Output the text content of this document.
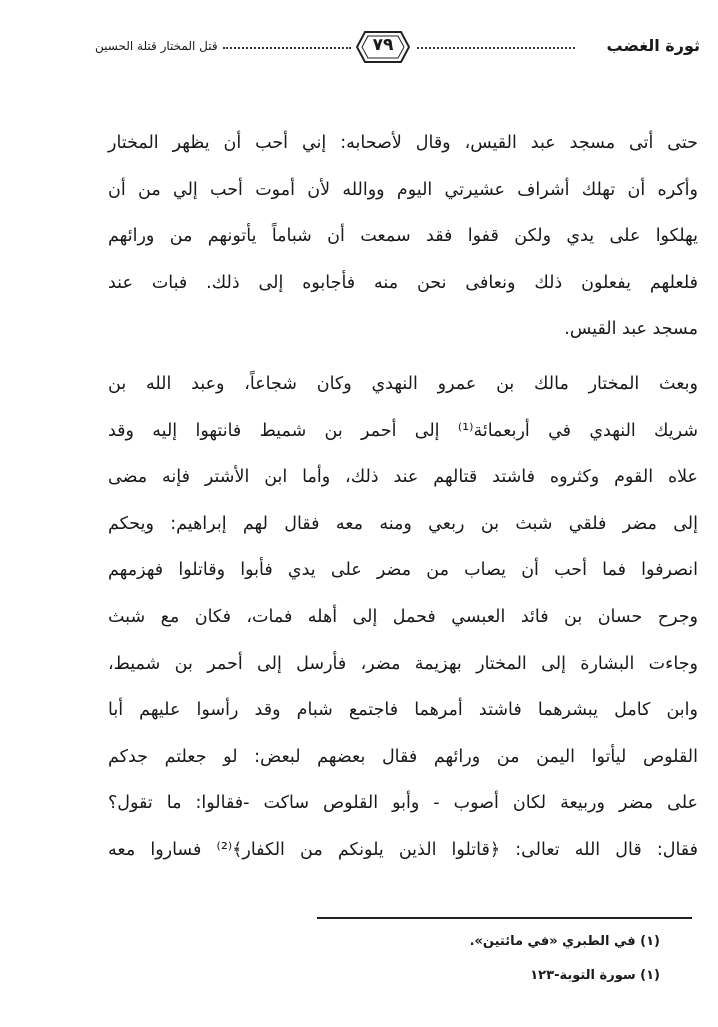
ثورة الغضب
٧٩
قتل المختار قتلة الحسين
حتى أتى مسجد عبد القيس، وقال لأصحابه: إني أحب أن يظهر المختار
وأكره أن تهلك أشراف عشيرتي اليوم ووالله لأن أموت أحب إلي من أن
يهلكوا على يدي ولكن قفوا فقد سمعت أن شباماً يأتونهم من ورائهم
فلعلهم يفعلون ذلك ونعافى نحن منه فأجابوه إلى ذلك. فبات عند
مسجد عبد القيس.
وبعث المختار مالك بن عمرو النهدي وكان شجاعاً، وعبد الله بن
شريك النهدي في أربعمائة⁽¹⁾ إلى أحمر بن شميط فانتهوا إليه وقد
علاه القوم وكثروه فاشتد قتالهم عند ذلك، وأما ابن الأشتر فإنه مضى
إلى مضر فلقي شبث بن ربعي ومنه معه فقال لهم إبراهيم: ويحكم
انصرفوا فما أحب أن يصاب من مضر على يدي فأبوا وقاتلوا فهزمهم
وجرح حسان بن فائد العبسي فحمل إلى أهله فمات، فكان مع شبث
وجاءت البشارة إلى المختار بهزيمة مضر، فأرسل إلى أحمر بن شميط،
وابن كامل يبشرهما فاشتد أمرهما فاجتمع شبام وقد رأسوا عليهم أبا
القلوص ليأتوا اليمن من ورائهم فقال بعضهم لبعض: لو جعلتم جدكم
على مضر وربيعة لكان أصوب - وأبو القلوص ساكت -فقالوا: ما تقول؟
فقال: قال الله تعالى: ﴿قاتلوا الذين يلونكم من الكفار﴾⁽²⁾ فساروا معه
(١) في الطبري «في مائتين».
(١) سورة التوبة-١٢٣
